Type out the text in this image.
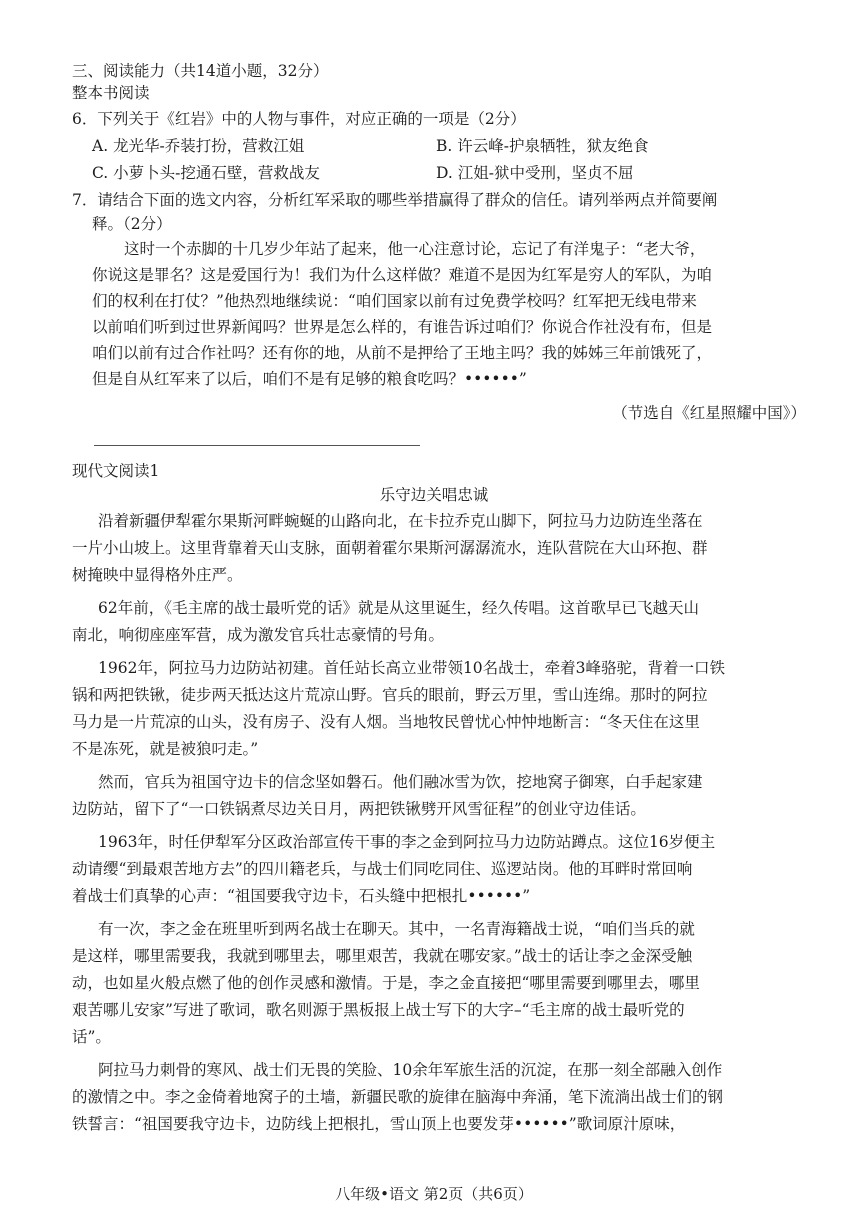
三、阅读能力（共14道小题，32分）
整本书阅读
6．下列关于《红岩》中的人物与事件，对应正确的一项是（2分）
A. 龙光华-乔装打扮，营救江姐	B. 许云峰-护泉牺牲，狱友绝食
C. 小萝卜头-挖通石壁，营救战友	D. 江姐-狱中受刑，坚贞不屈
7．请结合下面的选文内容，分析红军采取的哪些举措赢得了群众的信任。请列举两点并简要阐
释。（2分）
这时一个赤脚的十几岁少年站了起来，他一心注意讨论，忘记了有洋鬼子：“老大爷，
你说这是罪名？这是爱国行为！我们为什么这样做？难道不是因为红军是穷人的军队，为咱
们的权利在打仗？”他热烈地继续说：“咱们国家以前有过免费学校吗？红军把无线电带来
以前咱们听到过世界新闻吗？世界是怎么样的，有谁告诉过咱们？你说合作社没有布，但是
咱们以前有过合作社吗？还有你的地，从前不是押给了王地主吗？我的姊姊三年前饿死了，
但是自从红军来了以后，咱们不是有足够的粮食吃吗？••••••”
（节选自《红星照耀中国》）
现代文阅读1
乐守边关唱忠诚
沿着新疆伊犁霍尔果斯河畔蜿蜒的山路向北，在卡拉乔克山脚下，阿拉马力边防连坐落在
一片小山坡上。这里背靠着天山支脉，面朝着霍尔果斯河潺潺流水，连队营院在大山环抱、群
树掩映中显得格外庄严。
62年前，《毛主席的战士最听党的话》就是从这里诞生，经久传唱。这首歌早已飞越天山
南北，响彻座座军营，成为激发官兵壮志豪情的号角。
1962年，阿拉马力边防站初建。首任站长高立业带领10名战士，牵着3峰骆驼，背着一口铁
锅和两把铁锹，徒步两天抵达这片荒凉山野。官兵的眼前，野云万里，雪山连绵。那时的阿拉
马力是一片荒凉的山头，没有房子、没有人烟。当地牧民曾忧心忡忡地断言：“冬天住在这里
不是冻死，就是被狼叼走。”
然而，官兵为祖国守边卡的信念坚如磐石。他们融冰雪为饮，挖地窝子御寒，白手起家建
边防站，留下了“一口铁锅煮尽边关日月，两把铁锹劈开风雪征程”的创业守边佳话。
1963年，时任伊犁军分区政治部宣传干事的李之金到阿拉马力边防站蹲点。这位16岁便主
动请缨“到最艰苦地方去”的四川籍老兵，与战士们同吃同住、巡逻站岗。他的耳畔时常回响
着战士们真挚的心声：“祖国要我守边卡，石头缝中把根扎••••••”
有一次，李之金在班里听到两名战士在聊天。其中，一名青海籍战士说，“咱们当兵的就
是这样，哪里需要我，我就到哪里去，哪里艰苦，我就在哪安家。”战士的话让李之金深受触
动，也如星火般点燃了他的创作灵感和激情。于是，李之金直接把“哪里需要到哪里去，哪里
艰苦哪儿安家”写进了歌词，歌名则源于黑板报上战士写下的大字–“毛主席的战士最听党的
话”。
阿拉马力刺骨的寒风、战士们无畏的笑脸、10余年军旅生活的沉淀，在那一刻全部融入创作
的激情之中。李之金倚着地窝子的土墙，新疆民歌的旋律在脑海中奔涌，笔下流淌出战士们的钢
铁誓言：“祖国要我守边卡，边防线上把根扎，雪山顶上也要发芽••••••”歌词原汁原味，
八年级•语文 第2页（共6页）
